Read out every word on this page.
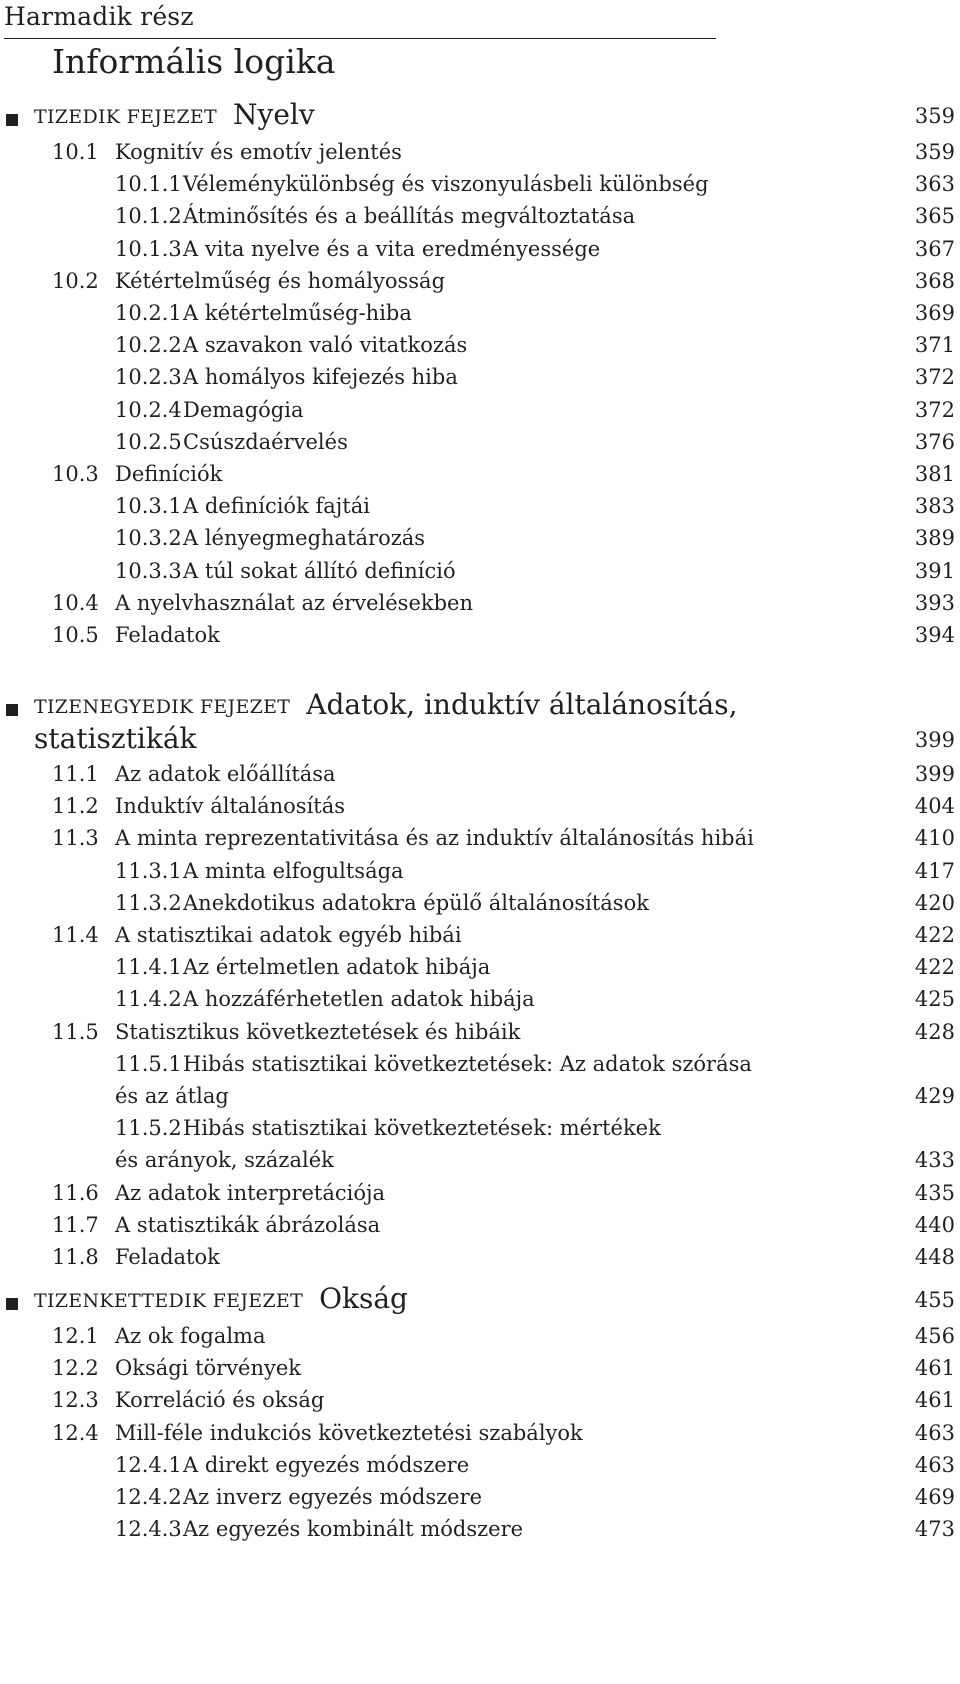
Harmadik rész
Informális logika
TIZEDIK FEJEZET Nyelv	359
10.1 Kognitív és emotív jelentés	359
10.1.1 Véleménykülönbség és viszonyulásbeli különbség	363
10.1.2 Átminősítés és a beállítás megváltoztatása	365
10.1.3 A vita nyelve és a vita eredményessége	367
10.2 Kétértelműség és homályosság	368
10.2.1 A kétértelműség-hiba	369
10.2.2 A szavakon való vitatkozás	371
10.2.3 A homályos kifejezés hiba	372
10.2.4 Demagógia	372
10.2.5 Csúszdaérvelés	376
10.3 Definíciók	381
10.3.1 A definíciók fajtái	383
10.3.2 A lényegmeghatározás	389
10.3.3 A túl sokat állító definíció	391
10.4 A nyelvhasználat az érvelésekben	393
10.5 Feladatok	394
TIZENEGYEDIK FEJEZET Adatok, induktív általánosítás,
statisztikák	399
11.1 Az adatok előállítása	399
11.2 Induktív általánosítás	404
11.3 A minta reprezentativitása és az induktív általánosítás hibái	410
11.3.1 A minta elfogultsága	417
11.3.2 Anekdotikus adatokra épülő általánosítások	420
11.4 A statisztikai adatok egyéb hibái	422
11.4.1 Az értelmetlen adatok hibája	422
11.4.2 A hozzáférhetetlen adatok hibája	425
11.5 Statisztikus következtetések és hibáik	428
11.5.1 Hibás statisztikai következtetések: Az adatok szórása
és az átlag	429
11.5.2 Hibás statisztikai következtetések: mértékek
és arányok, százalék	433
11.6 Az adatok interpretációja	435
11.7 A statisztikák ábrázolása	440
11.8 Feladatok	448
TIZENKETTEDIK FEJEZET Okság	455
12.1 Az ok fogalma	456
12.2 Oksági törvények	461
12.3 Korreláció és okság	461
12.4 Mill-féle indukciós következtetési szabályok	463
12.4.1 A direkt egyezés módszere	463
12.4.2 Az inverz egyezés módszere	469
12.4.3 Az egyezés kombinált módszere	473
